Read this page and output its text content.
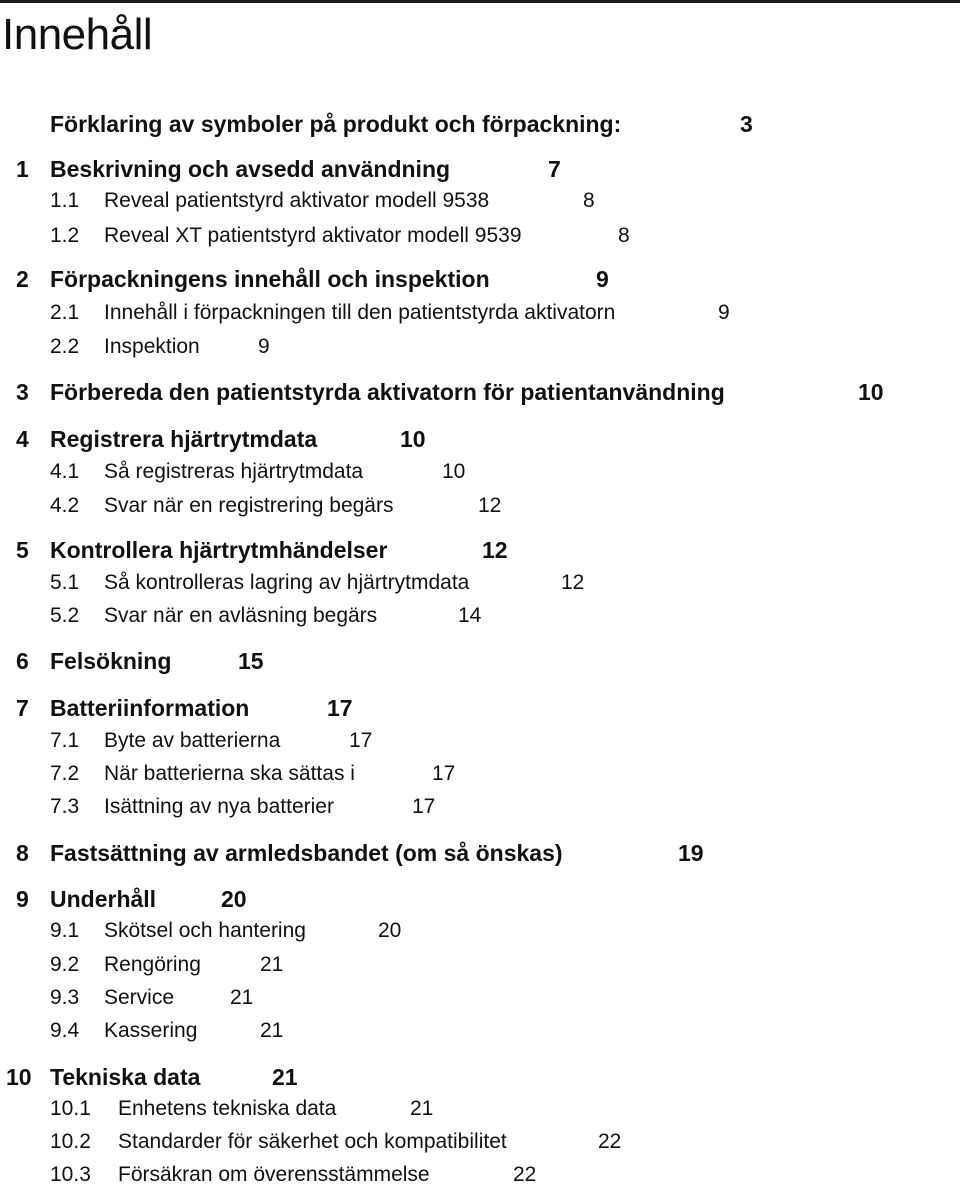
Innehåll
Förklaring av symboler på produkt och förpackning:	3
1 Beskrivning och avsedd användning	7
1.1 Reveal patientstyrd aktivator modell 9538	8
1.2 Reveal XT patientstyrd aktivator modell 9539	8
2 Förpackningens innehåll och inspektion	9
2.1 Innehåll i förpackningen till den patientstyrda aktivatorn	9
2.2 Inspektion	9
3 Förbereda den patientstyrda aktivatorn för patientanvändning	10
4 Registrera hjärtrytmdata	10
4.1 Så registreras hjärtrytmdata	10
4.2 Svar när en registrering begärs	12
5 Kontrollera hjärtrytmhändelser	12
5.1 Så kontrolleras lagring av hjärtrytmdata	12
5.2 Svar när en avläsning begärs	14
6 Felsökning	15
7 Batteriinformation	17
7.1 Byte av batterierna	17
7.2 När batterierna ska sättas i	17
7.3 Isättning av nya batterier	17
8 Fastsättning av armledsbandet (om så önskas)	19
9 Underhåll	20
9.1 Skötsel och hantering	20
9.2 Rengöring	21
9.3 Service	21
9.4 Kassering	21
10 Tekniska data	21
10.1 Enhetens tekniska data	21
10.2 Standarder för säkerhet och kompatibilitet	22
10.3 Försäkran om överensstämmelse	22
